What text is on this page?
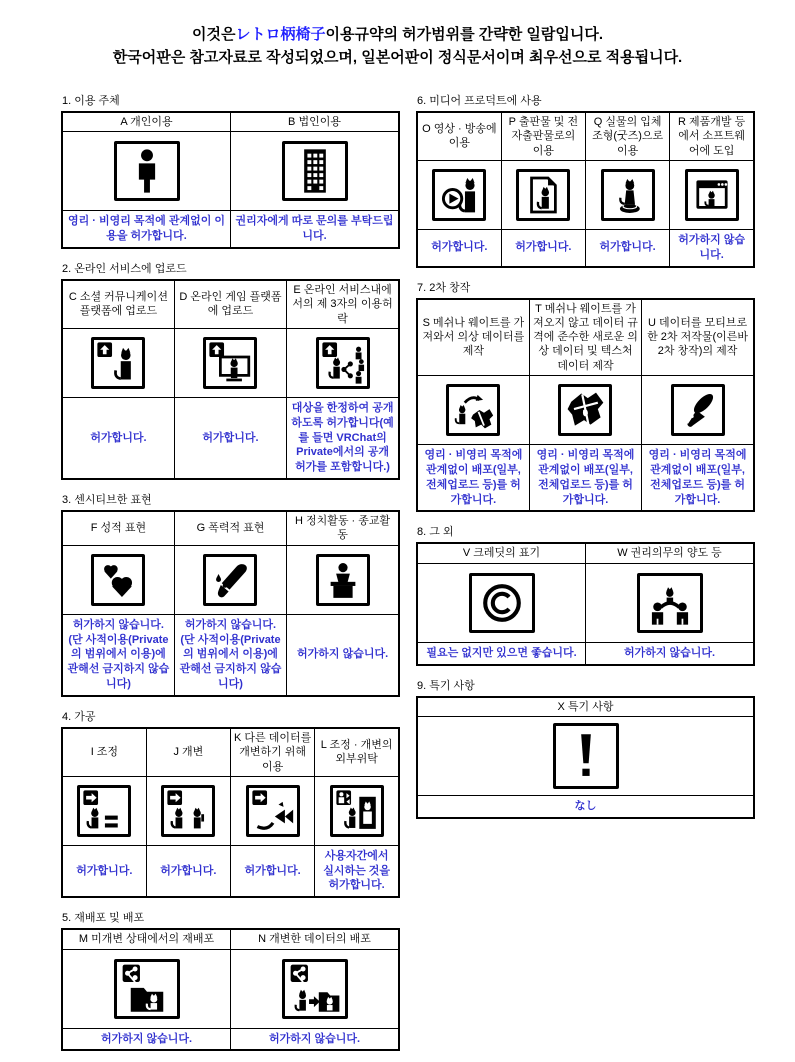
이것은レトロ柄椅子이용규약의 허가범위를 간략한 일람입니다.
한국어판은 참고자료로 작성되었으며, 일본어판이 정식문서이며 최우선으로 적용됩니다.
1. 이용 주체
A 개인이용	B 법인이용

영리 · 비영리 목적에 관계없이 이용을 허가합니다.	권리자에게 따로 문의를 부탁드립니다.
2. 온라인 서비스에 업로드
C 소셜 커뮤니케이션 플랫폼에 업로드	D 온라인 게임 플랫폼에 업로드	E 온라인 서비스내에서의 제 3자의 이용허락

허가합니다.	허가합니다.	대상을 한정하여 공개하도록 허가합니다(예를 들면 VRChat의 Private에서의 공개 허가를 포함합니다.)
3. 센시티브한 표현
F 성적 표현	G 폭력적 표현	H 정치활동 · 종교활동

허가하지 않습니다.(단 사적이용(Private의 범위에서 이용)에 관해선 금지하지 않습니다)	허가하지 않습니다.(단 사적이용(Private의 범위에서 이용)에 관해선 금지하지 않습니다)	허가하지 않습니다.
4. 가공
I 조정	J 개변	K 다른 데이터를 개변하기 위해 이용	L 조정 · 개변의 외부위탁

허가합니다.	허가합니다.	허가합니다.	사용자간에서 실시하는 것을 허가합니다.
5. 재배포 및 배포
M 미개변 상태에서의 재배포	N 개변한 데이터의 배포

허가하지 않습니다.	허가하지 않습니다.
6. 미디어 프로덕트에 사용
O 영상 · 방송에 이용	P 출판물 및 전자출판물로의 이용	Q 실물의 입체조형(굿즈)으로 이용	R 제품개발 등에서 소프트웨어에 도입

허가합니다.	허가합니다.	허가합니다.	허가하지 않습니다.
7. 2차 창작
S 메쉬나 웨이트를 가져와서 의상 데이터를 제작	T 메쉬나 웨이트를 가져오지 않고 데이터 규격에 준수한 새로운 의상 데이터 및 텍스처 데이터 제작	U 데이터를 모티브로 한 2차 저작물(이른바 2차 창작)의 제작

영리 · 비영리 목적에 관계없이 배포(일부, 전체업로드 등)를 허가합니다.	영리 · 비영리 목적에 관계없이 배포(일부, 전체업로드 등)를 허가합니다.	영리 · 비영리 목적에 관계없이 배포(일부, 전체업로드 등)를 허가합니다.
8. 그 외
V 크레딧의 표기	W 권리의무의 양도 등

필요는 없지만 있으면 좋습니다.	허가하지 않습니다.
9. 특기 사항
X 특기 사항

なし
